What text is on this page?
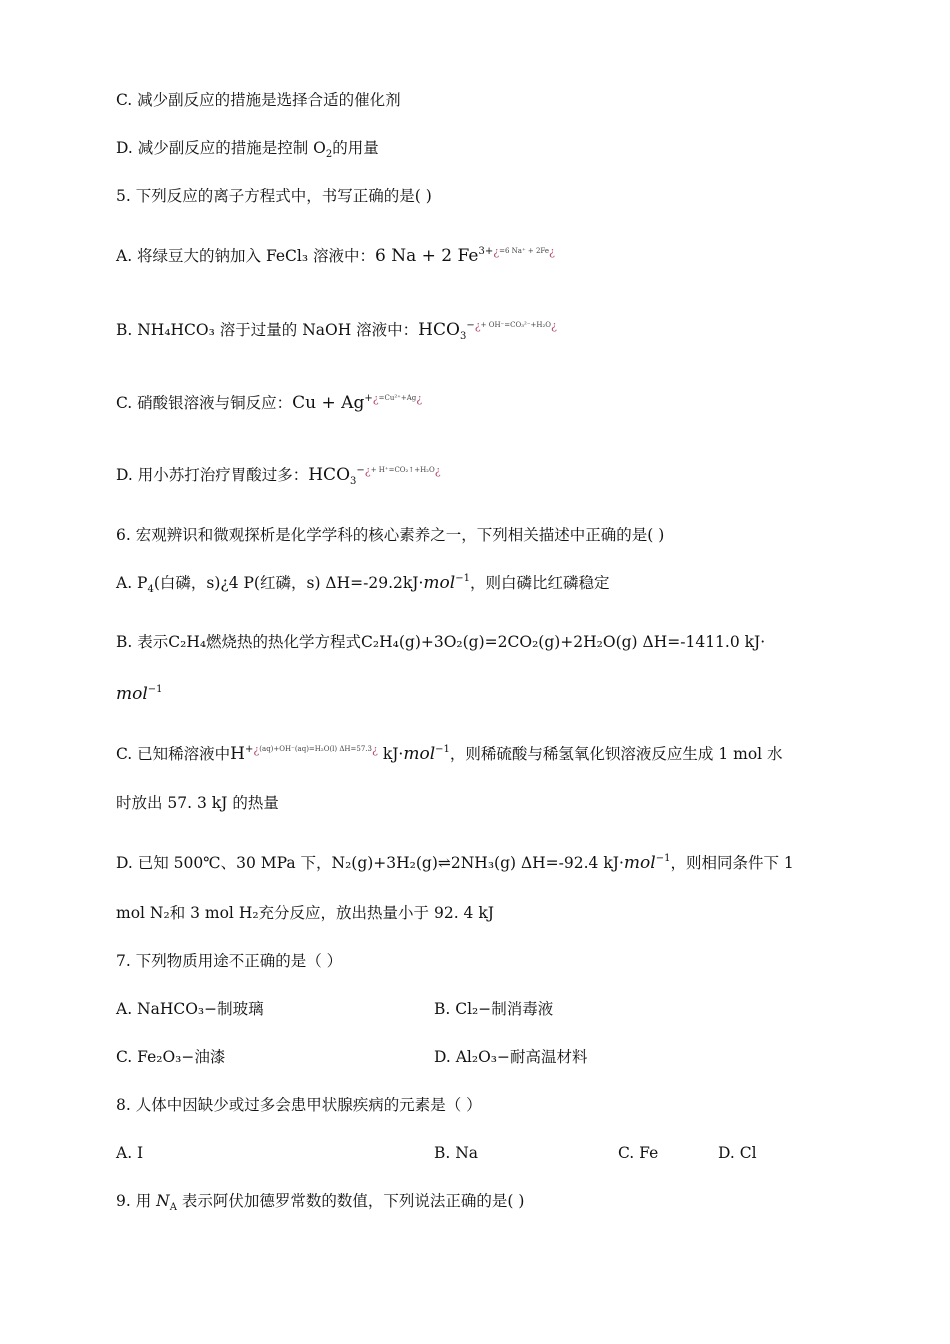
C. 减少副反应的措施是选择合适的催化剂
D. 减少副反应的措施是控制 $O_2$的用量
5. 下列反应的离子方程式中，书写正确的是( )
A. 将绿豆大的钠加入 FeCl₃ 溶液中：6 Na + 2 $Fe^{3+¿=6 Na^+ + 2Fe¿}$
B. NH₄HCO₃ 溶于过量的 NaOH 溶液中：$HCO_3^{-¿+ OH^-=CO_3^{2-}+H_2O¿}$
C. 硝酸银溶液与铜反应：$Cu + Ag^{+¿=Cu^{2+}+Ag¿}$
D. 用小苏打治疗胃酸过多：$HCO_3^{-¿+ H^+=CO_2↑+H_2O¿}$
6. 宏观辨识和微观探析是化学学科的核心素养之一，下列相关描述中正确的是( )
A. $P_4$(白磷，s)¿4 P(红磷，s) ΔH=-29.2kJ·mol$^{-1}$，则白磷比红磷稳定
B. 表示C₂H₄燃烧热的热化学方程式C₂H₄(g)+3O₂(g)=2CO₂(g)+2H₂O(g) ΔH=-1411.0 kJ·
mol$^{-1}$
C. 已知稀溶液中$H^{+¿(aq)+OH^-(aq)=H_2O(l) \Delta H=57.3¿}$ kJ·mol$^{-1}$，则稀硫酸与稀氢氧化钡溶液反应生成 1 mol 水
时放出 57. 3 kJ 的热量
D. 已知 500℃、30 MPa 下，N₂(g)+3H₂(g)⇌2NH₃(g) ΔH=-92.4 kJ·mol$^{-1}$，则相同条件下 1
mol N₂和 3 mol H₂充分反应，放出热量小于 92. 4 kJ
7. 下列物质用途不正确的是（ ）
A. NaHCO₃−制玻璃	B. Cl₂−制消毒液
C. Fe₂O₃−油漆	D. Al₂O₃−耐高温材料
8. 人体中因缺少或过多会患甲状腺疾病的元素是（ ）
A. I	B. Na	C. Fe	D. Cl
9. 用 $N_A$ 表示阿伏加德罗常数的数值，下列说法正确的是( )
